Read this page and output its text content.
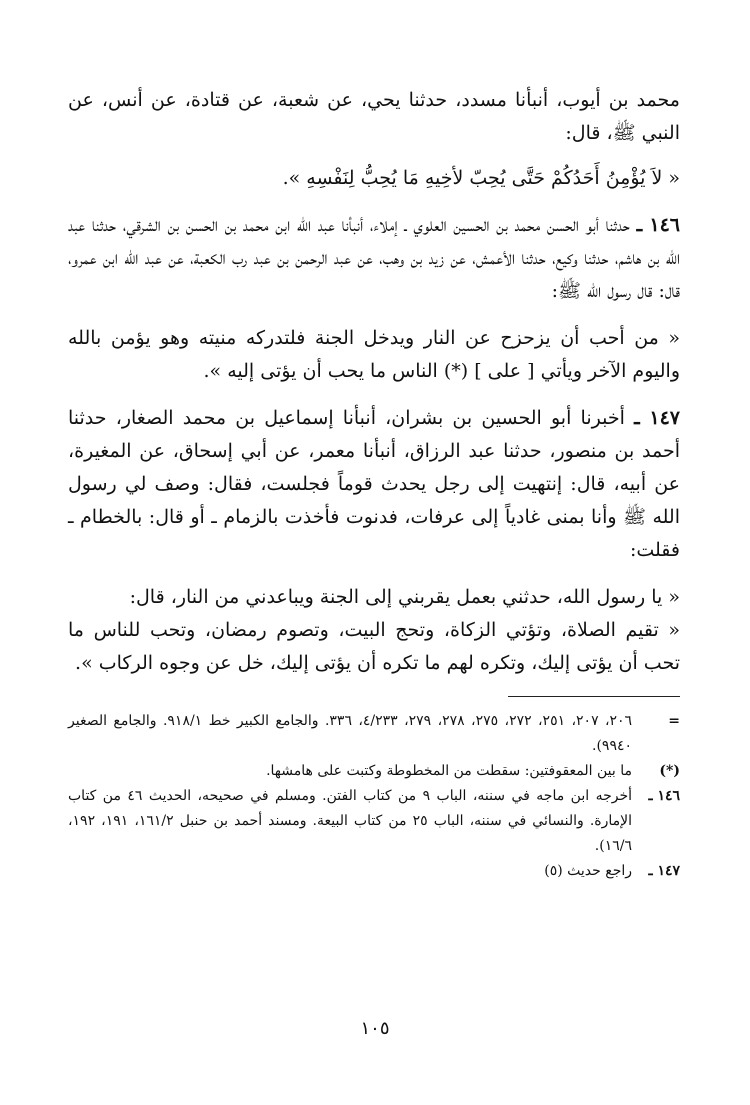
محمد بن أيوب، أنبأنا مسدد، حدثنا يحي، عن شعبة، عن قتادة، عن أنس، عن النبي ﷺ، قال:

« لاَ يُؤْمِنُ أَحَدُكُمْ حَتَّى يُحِبّ لأخِيهِ مَا يُحِبُّ لِنَفْسِهِ ».

١٤٦ ـ حدثنا أبو الحسن محمد بن الحسين العلوي ـ إملاء، أنبأنا عبد الله ابن محمد بن الحسن بن الشرقي، حدثنا عبد الله بن هاشم، حدثنا وكيع، حدثنا الأعمش، عن زيد بن وهب، عن عبد الرحمن بن عبد رب الكعبة، عن عبد الله ابن عمرو، قال: قال رسول الله ﷺ:

« من أحب أن يزحزح عن النار ويدخل الجنة فلتدركه منيته وهو يؤمن بالله واليوم الآخر ويأتي [ على ] (*) الناس ما يحب أن يؤتى إليه ».

١٤٧ ـ أخبرنا أبو الحسين بن بشران، أنبأنا إسماعيل بن محمد الصغار، حدثنا أحمد بن منصور، حدثنا عبد الرزاق، أنبأنا معمر، عن أبي إسحاق، عن المغيرة، عن أبيه، قال: إنتهيت إلى رجل يحدث قوماً فجلست، فقال: وصف لي رسول الله ﷺ وأنا بمنى غادياً إلى عرفات، فدنوت فأخذت بالزمام ـ أو قال: بالخطام ـ فقلت:

« يا رسول الله، حدثني بعمل يقربني إلى الجنة ويباعدني من النار، قال:

« تقيم الصلاة، وتؤتي الزكاة، وتحج البيت، وتصوم رمضان، وتحب للناس ما تحب أن يؤتى إليك، وتكره لهم ما تكره أن يؤتى إليك، خل عن وجوه الركاب ».

=
٢٠٦، ٢٠٧، ٢٥١، ٢٧٢، ٢٧٥، ٢٧٨، ٢٧٩، ٤/٢٣٣، ٣٣٦. والجامع الكبير خط ٩١٨/١. والجامع الصغير ٩٩٤٠).
(*)
ما بين المعقوفتين: سقطت من المخطوطة وكتبت على هامشها.
١٤٦ ـ
أخرجه ابن ماجه في سننه، الباب ٩ من كتاب الفتن. ومسلم في صحيحه، الحديث ٤٦ من كتاب الإمارة. والنسائي في سننه، الباب ٢٥ من كتاب البيعة. ومسند أحمد بن حنبل ١٦١/٢، ١٩١، ١٩٢، ١٦/٦).
١٤٧ ـ
راجع حديث (٥)
١٠٥
